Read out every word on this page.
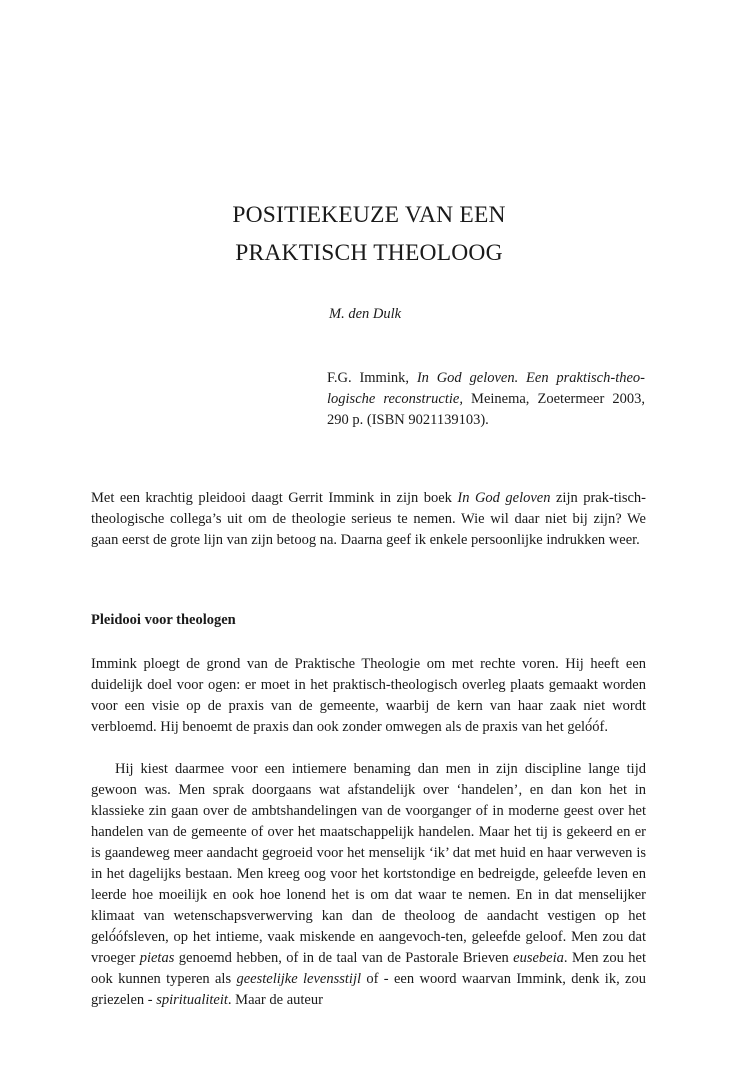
POSITIEKEUZE VAN EEN
PRAKTISCH THEOLOOG
M. den Dulk
F.G. Immink, In God geloven. Een praktisch-theo-logische reconstructie, Meinema, Zoetermeer 2003, 290 p. (ISBN 9021139103).

Met een krachtig pleidooi daagt Gerrit Immink in zijn boek In God geloven zijn prak-tisch- theologische collega’s uit om de theologie serieus te nemen. Wie wil daar niet bij zijn? We gaan eerst de grote lijn van zijn betoog na. Daarna geef ik enkele persoonlijke indrukken weer.

Pleidooi voor theologen

Immink ploegt de grond van de Praktische Theologie om met rechte voren. Hij heeft een duidelijk doel voor ogen: er moet in het praktisch-theologisch overleg plaats gemaakt worden voor een visie op de praxis van de gemeente, waarbij de kern van haar zaak niet wordt verbloemd. Hij benoemt de praxis dan ook zonder omwegen als de praxis van het geló́óf.

Hij kiest daarmee voor een intiemere benaming dan men in zijn discipline lange tijd gewoon was. Men sprak doorgaans wat afstandelijk over ‘handelen’, en dan kon het in klassieke zin gaan over de ambtshandelingen van de voorganger of in moderne geest over het handelen van de gemeente of over het maatschappelijk handelen. Maar het tij is gekeerd en er is gaandeweg meer aandacht gegroeid voor het menselijk ‘ik’ dat met huid en haar verweven is in het dagelijks bestaan. Men kreeg oog voor het kortstondige en bedreigde, geleefde leven en leerde hoe moeilijk en ook hoe lonend het is om dat waar te nemen. En in dat menselijker klimaat van wetenschapsverwerving kan dan de theoloog de aandacht vestigen op het geló́ófsleven, op het intieme, vaak miskende en aangevoch-ten, geleefde geloof. Men zou dat vroeger pietas genoemd hebben, of in de taal van de Pastorale Brieven eusebeia. Men zou het ook kunnen typeren als geestelijke levensstijl of - een woord waarvan Immink, denk ik, zou griezelen - spiritualiteit. Maar de auteur
